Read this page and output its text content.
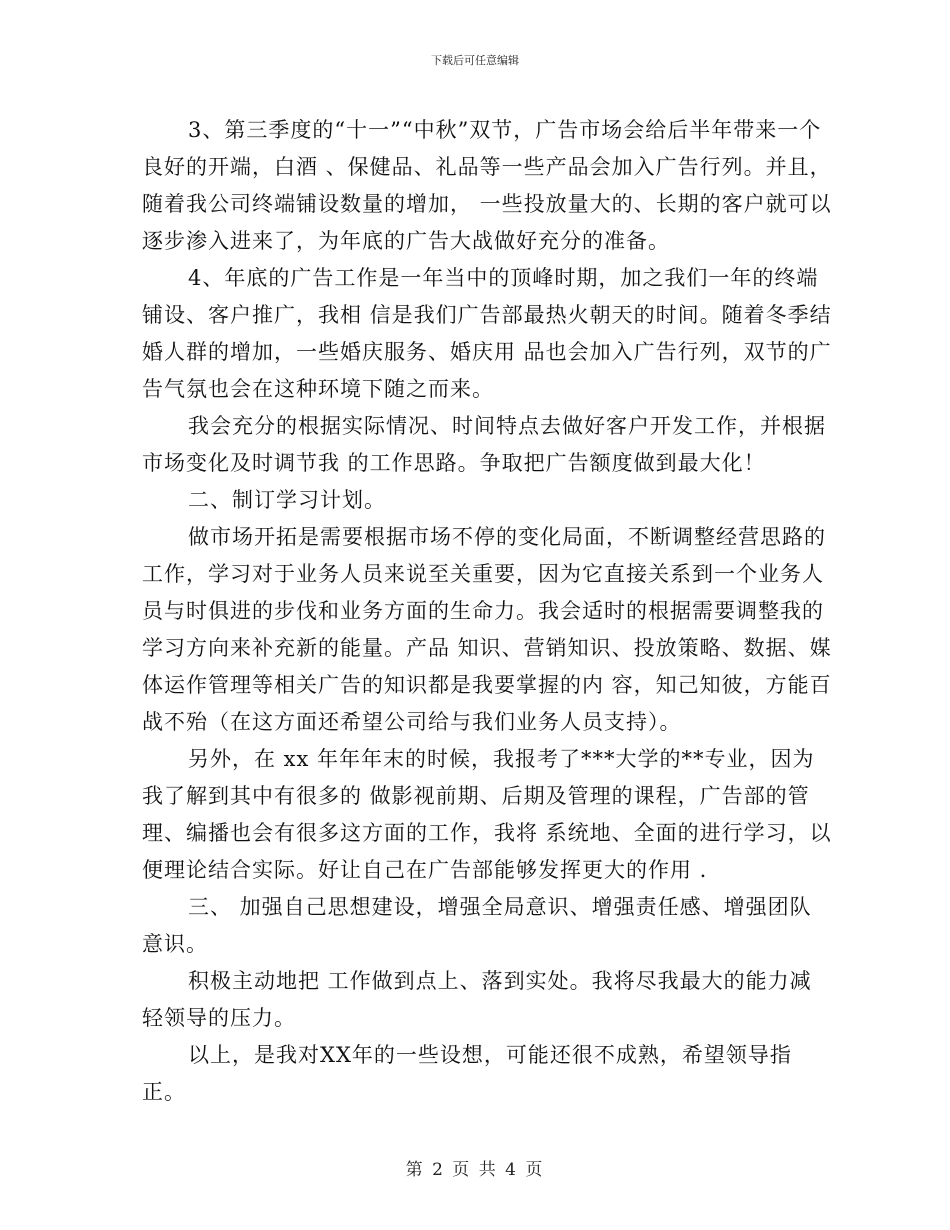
下载后可任意编辑

3、第三季度的“十一”“中秋”双节，广告市场会给后半年带来一个良好的开端，白酒 、保健品、礼品等一些产品会加入广告行列。并且，随着我公司终端铺设数量的增加， 一些投放量大的、长期的客户就可以逐步渗入进来了，为年底的广告大战做好充分的准备。

4、年底的广告工作是一年当中的顶峰时期，加之我们一年的终端铺设、客户推广，我相 信是我们广告部最热火朝天的时间。随着冬季结婚人群的增加，一些婚庆服务、婚庆用 品也会加入广告行列，双节的广告气氛也会在这种环境下随之而来。

我会充分的根据实际情况、时间特点去做好客户开发工作，并根据市场变化及时调节我 的工作思路。争取把广告额度做到最大化！

二、制订学习计划。

做市场开拓是需要根据市场不停的变化局面，不断调整经营思路的工作，学习对于业务人员来说至关重要，因为它直接关系到一个业务人员与时俱进的步伐和业务方面的生命力。我会适时的根据需要调整我的学习方向来补充新的能量。产品 知识、营销知识、投放策略、数据、媒体运作管理等相关广告的知识都是我要掌握的内 容，知己知彼，方能百战不殆（在这方面还希望公司给与我们业务人员支持）。

另外，在 xx 年年年末的时候，我报考了***大学的**专业，因为我了解到其中有很多的 做影视前期、后期及管理的课程，广告部的管理、编播也会有很多这方面的工作，我将 系统地、全面的进行学习，以便理论结合实际。好让自己在广告部能够发挥更大的作用 .

三、 加强自己思想建设，增强全局意识、增强责任感、增强团队意识。

积极主动地把 工作做到点上、落到实处。我将尽我最大的能力减轻领导的压力。

以上，是我对XX年的一些设想，可能还很不成熟，希望领导指正。

第 2 页 共 4 页
